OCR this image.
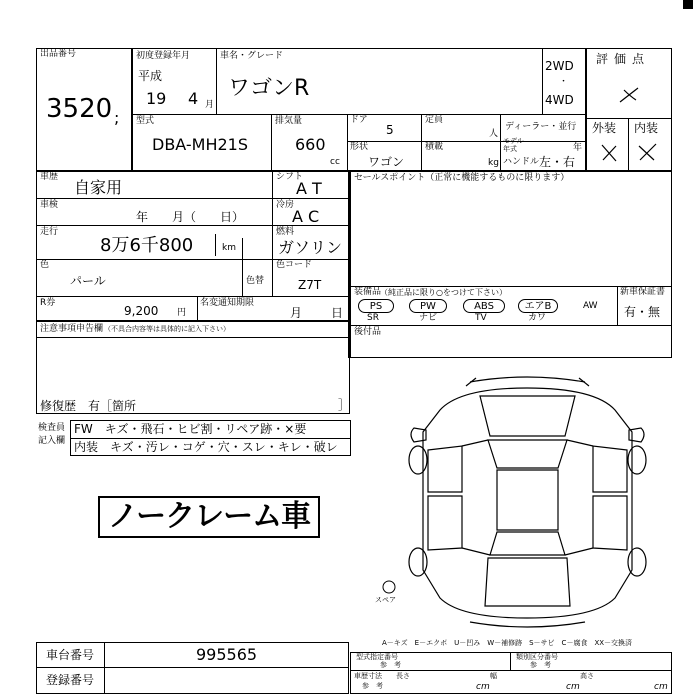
出品番号
3520 ;
初度登録年月
平成
19 4 月
車名・グレード
ワゴンR
2WD
・
4WD
評価点
外装 内装
型式
DBA-MH21S
排気量
660
cc
ドア
5
定員
人
ディーラー・並行
形状
ワゴン
積載
kg
モデル
年式	年
ハンドル 左・右
車歴
自家用
シフト
A T
車検
年　　月（　　日）
冷房
A C
走行
8万6千800	km
燃料
ガソリン
色
パール	色替
色コード
Z7T
R券
9,200 円
名変通知期限
月 日
セールスポイント（正常に機能するものに限ります）
装備品
（純正品に限り○をつけて下さい）
PS
SR
PW
ナビ
ABS
TV
エアB
カワ
AW
新車保証書
有・無
後付品
注意事項申告欄 （不具合内容等は具体的に記入下さい）
修復歴　 有［箇所	］
検査員
記入欄
FW　キズ・飛石・ヒビ割・リペア跡・×要
内装　キズ・汚レ・コゲ・穴・スレ・キレ・破レ
ノークレーム車
スペア
A－キズ　E－エクボ　U－凹み　W－補修跡　S－サビ　C－腐食　XX－交換済
車台番号	995565
登録番号
型式指定番号
参　考
類別区分番号
参　考
車歴寸法
参　考
長さ
cm
幅
cm
高さ
cm
